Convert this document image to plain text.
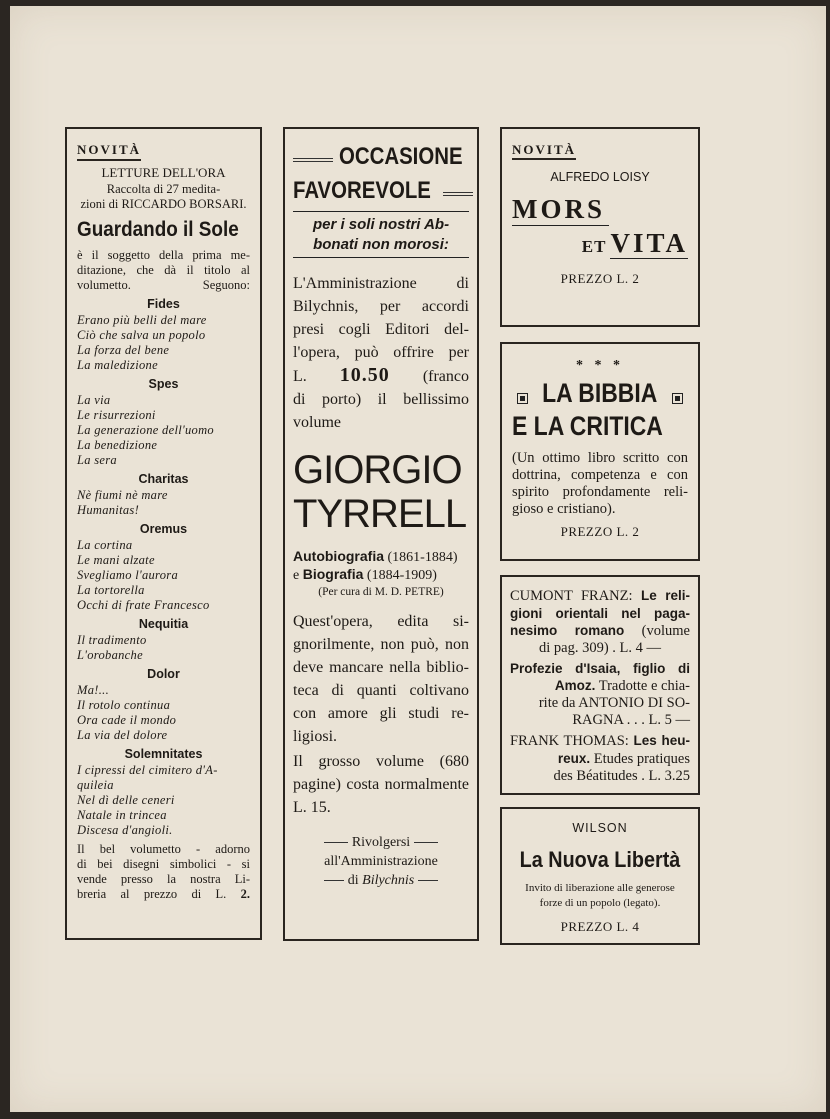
NOVITÀ
LETTURE DELL'ORA
Raccolta di 27 medita-
zioni di RICCARDO BORSARI.
Guardando il Sole
è il soggetto della prima me-
ditazione, che dà il titolo al
volumetto. Seguono:
Fides
Erano più belli del mare
Ciò che salva un popolo
La forza del bene
La maledizione
Spes
La via
Le risurrezioni
La generazione dell'uomo
La benedizione
La sera
Charitas
Nè fiumi nè mare
Humanitas!
Oremus
La cortina
Le mani alzate
Svegliamo l'aurora
La tortorella
Occhi di frate Francesco
Nequitia
Il tradimento
L'orobanche
Dolor
Ma!...
Il rotolo continua
Ora cade il mondo
La via del dolore
Solemnitates
I cipressi del cimitero d'A-
quileia
Nel dì delle ceneri
Natale in trincea
Discesa d'angioli.
Il bel volumetto - adorno
di bei disegni simbolici - si
vende presso la nostra Li-
breria al prezzo di L. 2.
OCCASIONE
FAVOREVOLE
per i soli nostri Ab-
bonati non morosi:
L'Amministrazione di
Bilychnis, per accordi
presi cogli Editori del-
l'opera, può offrire per
L. 10.50 (franco
di porto) il bellissimo
volume
GIORGIO
TYRRELL
Autobiografia (1861-1884)
e Biografia (1884-1909)
(Per cura di M. D. PETRE)
Quest'opera, edita si-
gnorilmente, non può, non
deve mancare nella biblio-
teca di quanti coltivano
con amore gli studi re-
ligiosi.
Il grosso volume (680
pagine) costa normalmente
L. 15.
Rivolgersi
all'Amministrazione
di Bilychnis
NOVITÀ
ALFREDO LOISY
MORS
ET VITA
PREZZO L. 2
* * *
LA BIBBIA
E LA CRITICA
(Un ottimo libro scritto con
dottrina, competenza e con
spirito profondamente reli-
gioso e cristiano).
PREZZO L. 2
CUMONT FRANZ: Le reli-
gioni orientali nel paga-
nesimo romano (volume
di pag. 309) . L. 4 —
Profezie d'Isaia, figlio di
Amoz. Tradotte e chia-
rite da ANTONIO DI SO-
RAGNA . . . L. 5 —
FRANK THOMAS: Les heu-
reux. Etudes pratiques
des Béatitudes . L. 3.25
WILSON
La Nuova Libertà
Invito di liberazione alle generose
forze di un popolo (legato).
PREZZO L. 4
